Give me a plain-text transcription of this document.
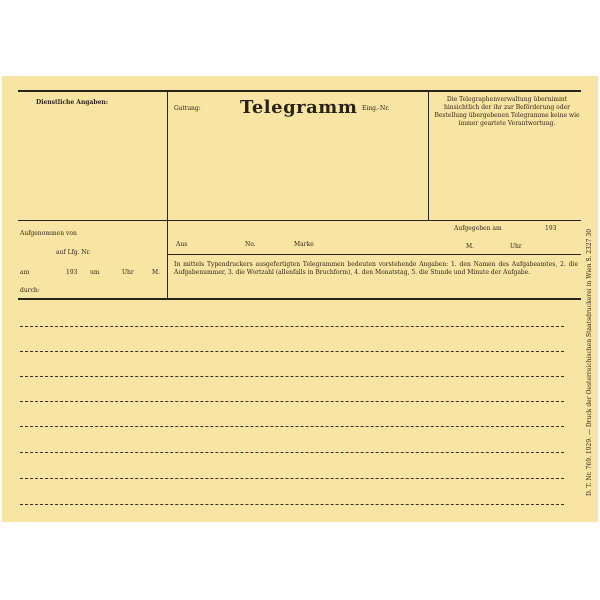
Dienstliche Angaben:
Gattung: Telegramm Eing.-Nr.
Die Telegraphenverwaltung übernimmt hinsichtlich der ihr zur Beförderung oder Bestellung übergebenen Telegramme keine wie immer geartete Verantwortung.
Aufgenommen von
auf Lfg. Nr.
am	193 um	Uhr	M.
durch:
Aufgegeben am	193
M.	Uhr
Aus	No.	Marke
In mittels Typendruckers ausgefertigten Telegrammen bedeuten vorstehende Angaben: 1. den Namen des Aufgabeamtes, 2. die Aufgabenummer, 3. die Wortzahl (allenfalls in Bruchform), 4. den Monatstag, 5. die Stunde und Minute der Aufgabe.	D. T. Nr. 769. 1929. — Druck der Oesterreichischen Staatsdruckerei in Wien S. 2327 30
